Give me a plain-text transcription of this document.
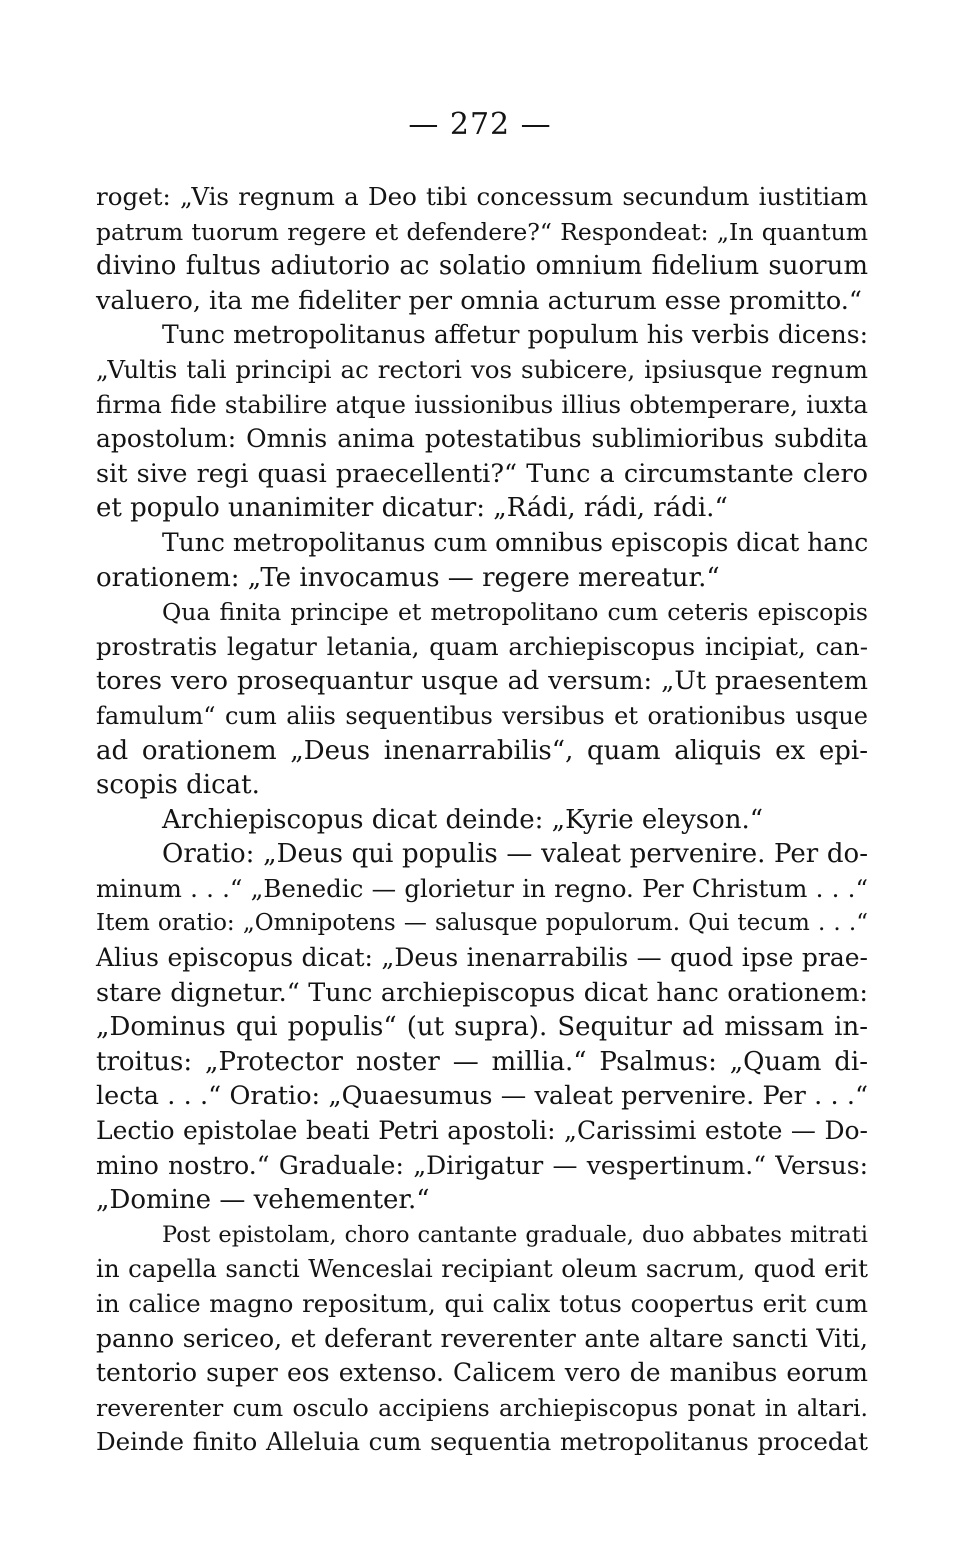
— 272 —
roget: „Vis regnum a Deo tibi concessum secundum iustitiam
patrum tuorum regere et defendere?“ Respondeat: „In quantum
divino fultus adiutorio ac solatio omnium fidelium suorum
valuero, ita me fideliter per omnia acturum esse promitto.“
Tunc metropolitanus affetur populum his verbis dicens:
„Vultis tali principi ac rectori vos subicere, ipsiusque regnum
firma fide stabilire atque iussionibus illius obtemperare, iuxta
apostolum: Omnis anima potestatibus sublimioribus subdita
sit sive regi quasi praecellenti?“ Tunc a circumstante clero
et populo unanimiter dicatur: „Rádi, rádi, rádi.“
Tunc metropolitanus cum omnibus episcopis dicat hanc
orationem: „Te invocamus — regere mereatur.“
Qua finita principe et metropolitano cum ceteris episcopis
prostratis legatur letania, quam archiepiscopus incipiat, can-
tores vero prosequantur usque ad versum: „Ut praesentem
famulum“ cum aliis sequentibus versibus et orationibus usque
ad orationem „Deus inenarrabilis“, quam aliquis ex epi-
scopis dicat.
Archiepiscopus dicat deinde: „Kyrie eleyson.“
Oratio: „Deus qui populis — valeat pervenire. Per do-
minum . . .“ „Benedic — glorietur in regno. Per Christum . . .“
Item oratio: „Omnipotens — salusque populorum. Qui tecum . . .“
Alius episcopus dicat: „Deus inenarrabilis — quod ipse prae-
stare dignetur.“ Tunc archiepiscopus dicat hanc orationem:
„Dominus qui populis“ (ut supra). Sequitur ad missam in-
troitus: „Protector noster — millia.“ Psalmus: „Quam di-
lecta . . .“ Oratio: „Quaesumus — valeat pervenire. Per . . .“
Lectio epistolae beati Petri apostoli: „Carissimi estote — Do-
mino nostro.“ Graduale: „Dirigatur — vespertinum.“ Versus:
„Domine — vehementer.“
Post epistolam, choro cantante graduale, duo abbates mitrati
in capella sancti Wenceslai recipiant oleum sacrum, quod erit
in calice magno repositum, qui calix totus coopertus erit cum
panno sericeo, et deferant reverenter ante altare sancti Viti,
tentorio super eos extenso. Calicem vero de manibus eorum
reverenter cum osculo accipiens archiepiscopus ponat in altari.
Deinde finito Alleluia cum sequentia metropolitanus procedat
